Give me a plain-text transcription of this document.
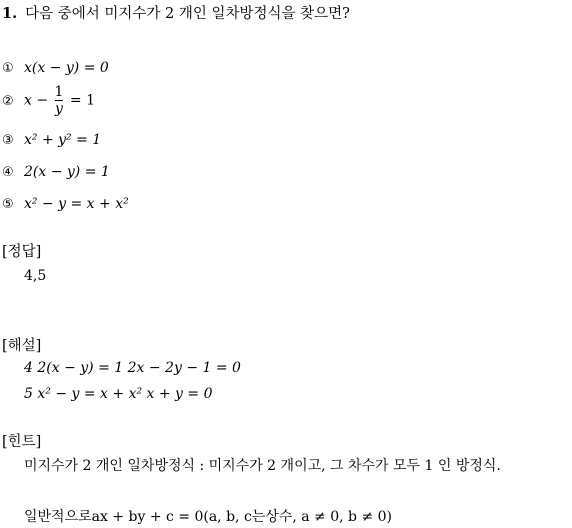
1. 다음 중에서 미지수가 2 개인 일차방정식을 찾으면?
① x(x − y) = 0
② $x - \frac{1}{y} = 1$
③ x² + y² = 1
④ 2(x − y) = 1
⑤ x² − y = x + x²
[정답]
4,5
[해설]
4 2(x − y) = 1 2x − 2y − 1 = 0
5 x² − y = x + x² x + y = 0
[힌트]
미지수가 2 개인 일차방정식 : 미지수가 2 개이고, 그 차수가 모두 1 인 방정식.
일반적으로ax + by + c = 0(a, b, c는상수, a ≠ 0, b ≠ 0)
